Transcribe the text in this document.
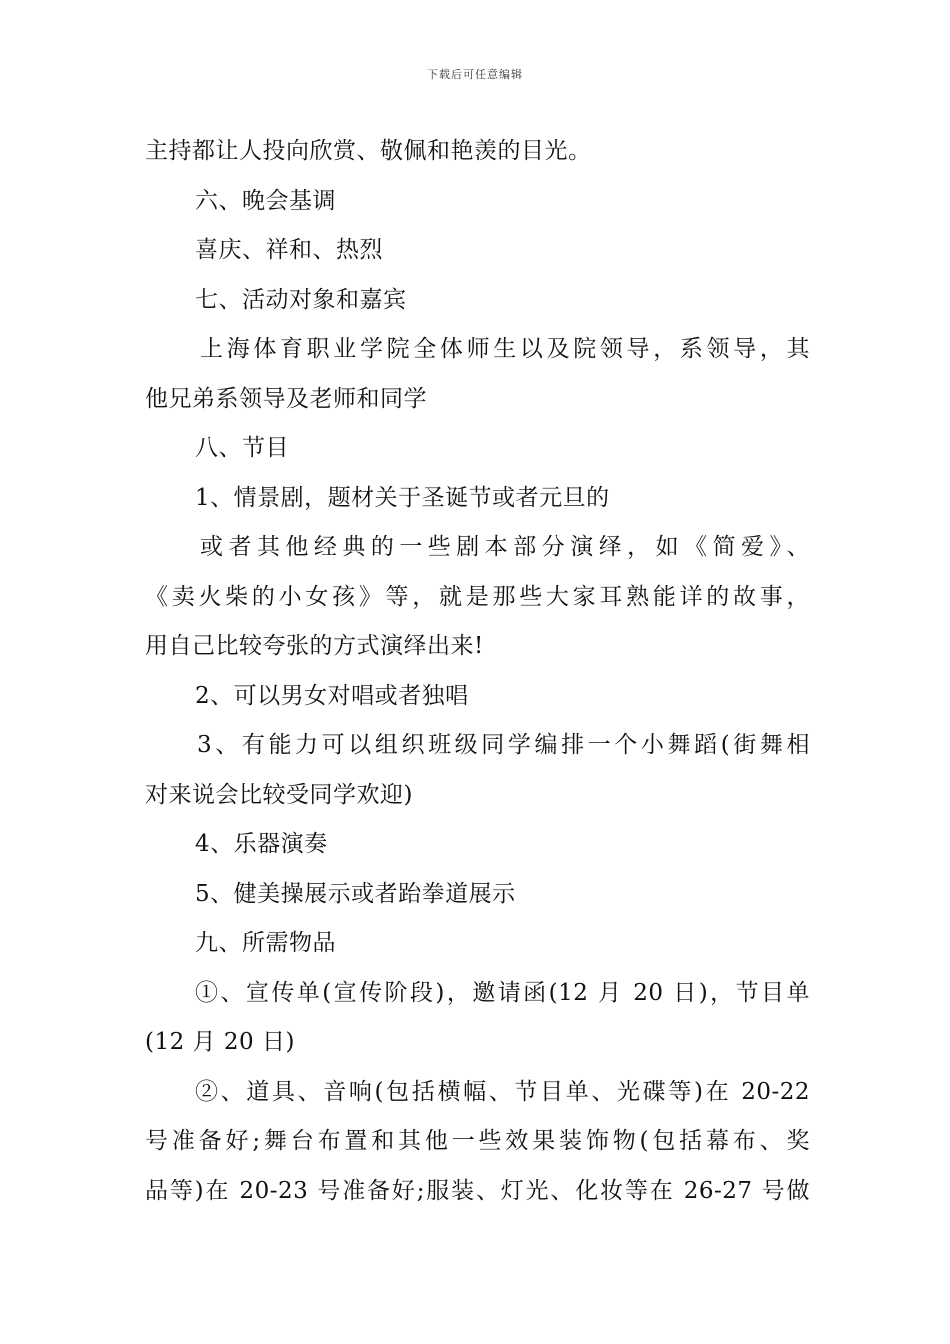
下载后可任意编辑
主持都让人投向欣赏、敬佩和艳羡的目光。
六、晚会基调
喜庆、祥和、热烈
七、活动对象和嘉宾
上海体育职业学院全体师生以及院领导，系领导，其
他兄弟系领导及老师和同学
八、节目
1、情景剧，题材关于圣诞节或者元旦的
或者其他经典的一些剧本部分演绎，如《简爱》、
《卖火柴的小女孩》等，就是那些大家耳熟能详的故事，
用自己比较夸张的方式演绎出来!
2、可以男女对唱或者独唱
3、有能力可以组织班级同学编排一个小舞蹈(街舞相
对来说会比较受同学欢迎)
4、乐器演奏
5、健美操展示或者跆拳道展示
九、所需物品
①、宣传单(宣传阶段)，邀请函(12 月 20 日)，节目单
(12 月 20 日)
②、道具、音响(包括横幅、节目单、光碟等)在 20-22
号准备好;舞台布置和其他一些效果装饰物(包括幕布、奖
品等)在 20-23 号准备好;服装、灯光、化妆等在 26-27 号做
